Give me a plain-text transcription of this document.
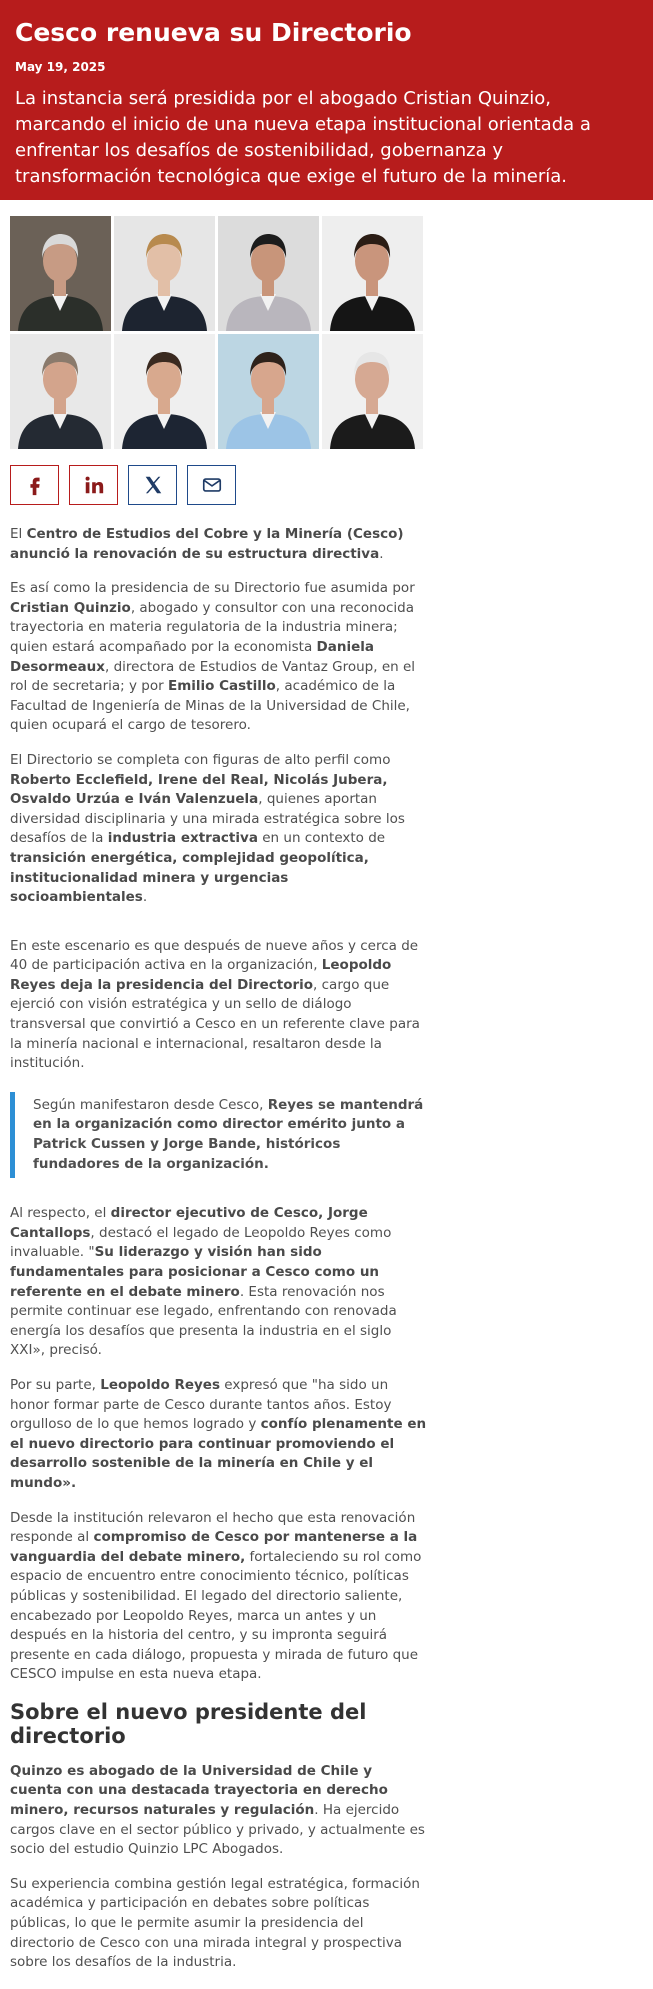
Cesco renueva su Directorio
May 19, 2025
La instancia será presidida por el abogado Cristian Quinzio, marcando el inicio de una nueva etapa institucional orientada a enfrentar los desafíos de sostenibilidad, gobernanza y transformación tecnológica que exige el futuro de la minería.

El Centro de Estudios del Cobre y la Minería (Cesco) anunció la renovación de su estructura directiva.

Es así como la presidencia de su Directorio fue asumida por Cristian Quinzio, abogado y consultor con una reconocida trayectoria en materia regulatoria de la industria minera; quien estará acompañado por la economista Daniela Desormeaux, directora de Estudios de Vantaz Group, en el rol de secretaria; y por Emilio Castillo, académico de la Facultad de Ingeniería de Minas de la Universidad de Chile, quien ocupará el cargo de tesorero.

El Directorio se completa con figuras de alto perfil como Roberto Ecclefield, Irene del Real, Nicolás Jubera, Osvaldo Urzúa e Iván Valenzuela, quienes aportan diversidad disciplinaria y una mirada estratégica sobre los desafíos de la industria extractiva en un contexto de transición energética, complejidad geopolítica, institucionalidad minera y urgencias socioambientales.

En este escenario es que después de nueve años y cerca de 40 de participación activa en la organización, Leopoldo Reyes deja la presidencia del Directorio, cargo que ejerció con visión estratégica y un sello de diálogo transversal que convirtió a Cesco en un referente clave para la minería nacional e internacional, resaltaron desde la institución.

Según manifestaron desde Cesco, Reyes se mantendrá en la organización como director emérito junto a Patrick Cussen y Jorge Bande, históricos fundadores de la organización.

Al respecto, el director ejecutivo de Cesco, Jorge Cantallops, destacó el legado de Leopoldo Reyes como invaluable. "Su liderazgo y visión han sido fundamentales para posicionar a Cesco como un referente en el debate minero. Esta renovación nos permite continuar ese legado, enfrentando con renovada energía los desafíos que presenta la industria en el siglo XXI», precisó.

Por su parte, Leopoldo Reyes expresó que "ha sido un honor formar parte de Cesco durante tantos años. Estoy orgulloso de lo que hemos logrado y confío plenamente en el nuevo directorio para continuar promoviendo el desarrollo sostenible de la minería en Chile y el mundo».

Desde la institución relevaron el hecho que esta renovación responde al compromiso de Cesco por mantenerse a la vanguardia del debate minero, fortaleciendo su rol como espacio de encuentro entre conocimiento técnico, políticas públicas y sostenibilidad. El legado del directorio saliente, encabezado por Leopoldo Reyes, marca un antes y un después en la historia del centro, y su impronta seguirá presente en cada diálogo, propuesta y mirada de futuro que CESCO impulse en esta nueva etapa.

Sobre el nuevo presidente del directorio

Quinzo es abogado de la Universidad de Chile y cuenta con una destacada trayectoria en derecho minero, recursos naturales y regulación. Ha ejercido cargos clave en el sector público y privado, y actualmente es socio del estudio Quinzio LPC Abogados.

Su experiencia combina gestión legal estratégica, formación académica y participación en debates sobre políticas públicas, lo que le permite asumir la presidencia del directorio de Cesco con una mirada integral y prospectiva sobre los desafíos de la industria.
